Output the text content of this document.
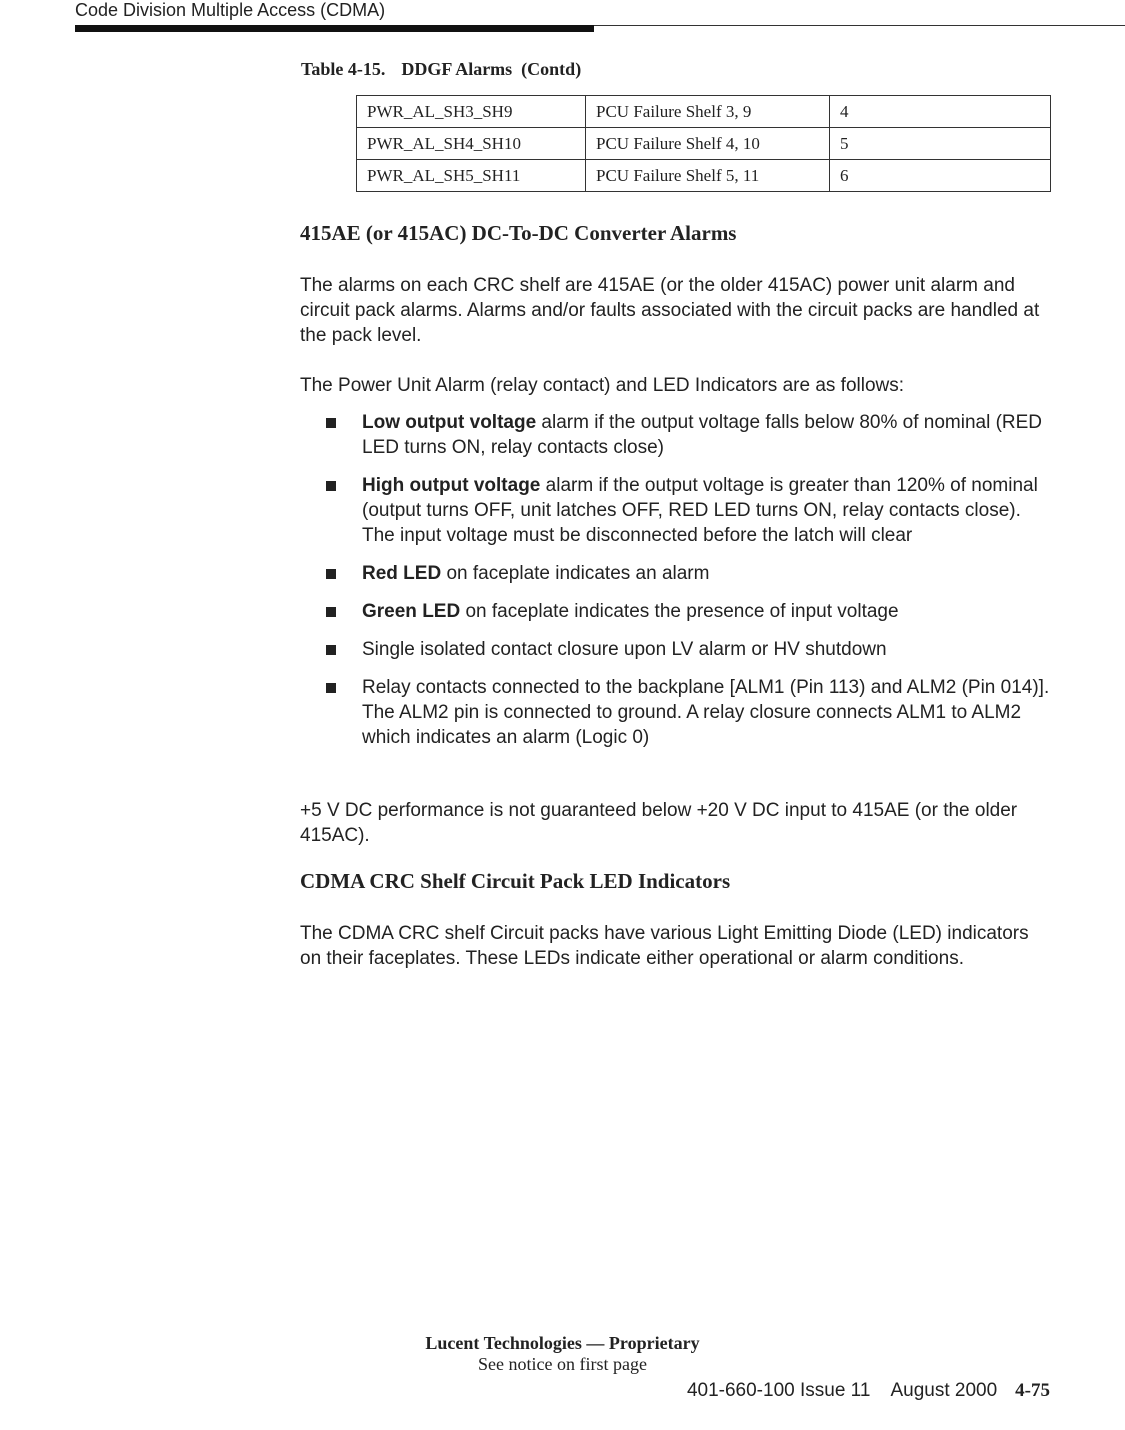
Code Division Multiple Access (CDMA)
Table 4-15. DDGF Alarms  (Contd)
PWR_AL_SH3_SH9	PCU Failure Shelf 3, 9	4
PWR_AL_SH4_SH10	PCU Failure Shelf 4, 10	5
PWR_AL_SH5_SH11	PCU Failure Shelf 5, 11	6
415AE (or 415AC) DC-To-DC Converter Alarms

The alarms on each CRC shelf are 415AE (or the older 415AC) power unit alarm and circuit pack alarms. Alarms and/or faults associated with the circuit packs are handled at the pack level.

The Power Unit Alarm (relay contact) and LED Indicators are as follows:

Low output voltage alarm if the output voltage falls below 80% of nominal (RED LED turns ON, relay contacts close)
High output voltage alarm if the output voltage is greater than 120% of nominal (output turns OFF, unit latches OFF, RED LED turns ON, relay contacts close). The input voltage must be disconnected before the latch will clear
Red LED on faceplate indicates an alarm
Green LED on faceplate indicates the presence of input voltage
Single isolated contact closure upon LV alarm or HV shutdown
Relay contacts connected to the backplane [ALM1 (Pin 113) and ALM2 (Pin 014)]. The ALM2 pin is connected to ground. A relay closure connects ALM1 to ALM2 which indicates an alarm (Logic 0)

+5 V DC performance is not guaranteed below +20 V DC input to 415AE (or the older 415AC).

CDMA CRC Shelf Circuit Pack LED Indicators

The CDMA CRC shelf Circuit packs have various Light Emitting Diode (LED) indicators on their faceplates. These LEDs indicate either operational or alarm conditions.

Lucent Technologies — Proprietary
See notice on first page
401-660-100 Issue 11    August 2000 4-75
